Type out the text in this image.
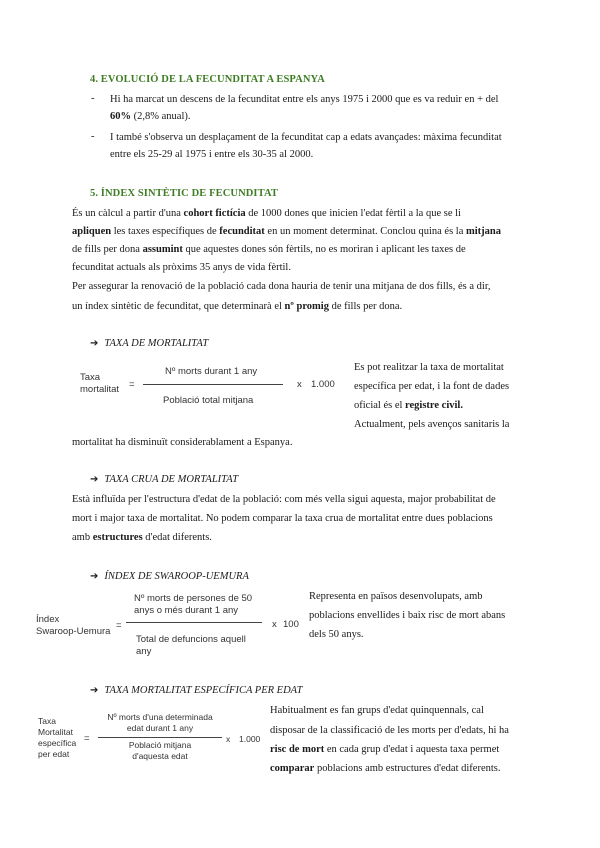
4. EVOLUCIÓ DE LA FECUNDITAT A ESPANYA
- Hi ha marcat un descens de la fecunditat entre els anys 1975 i 2000 que es va reduir en + del
60% (2,8% anual).
- I també s'observa un desplaçament de la fecunditat cap a edats avançades: màxima fecunditat
entre els 25-29 al 1975 i entre els 30-35 al 2000.
5. ÍNDEX SINTÈTIC DE FECUNDITAT
És un càlcul a partir d'una cohort fictícia de 1000 dones que inicien l'edat fèrtil a la que se li
apliquen les taxes específiques de fecunditat en un moment determinat. Conclou quina és la mitjana
de fills per dona assumint que aquestes dones són fèrtils, no es moriran i aplicant les taxes de
fecunditat actuals als pròxims 35 anys de vida fèrtil.
Per assegurar la renovació de la població cada dona hauria de tenir una mitjana de dos fills, és a dir,
un índex sintètic de fecunditat, que determinarà el nº promig de fills per dona.
➔ TAXA DE MORTALITAT
Taxa
mortalitat =
Nº morts durant 1 any
Població total mitjana
x 1.000
Es pot realitzar la taxa de mortalitat
específica per edat, i la font de dades
oficial és el registre civil.
Actualment, pels avenços sanitaris la
mortalitat ha disminuït considerablament a Espanya.
➔ TAXA CRUA DE MORTALITAT
Està influïda per l'estructura d'edat de la població: com més vella sigui aquesta, major probabilitat de
mort i major taxa de mortalitat. No podem comparar la taxa crua de mortalitat entre dues poblacions
amb estructures d'edat diferents.
➔ ÍNDEX DE SWAROOP-UEMURA
Índex
Swaroop-Uemura
=
Nº morts de persones de 50
anys o més durant 1 any
Total de defuncions aquell
any
x 100
Representa en països desenvolupats, amb
poblacions envellides i baix risc de mort abans
dels 50 anys.
➔ TAXA MORTALITAT ESPECÍFICA PER EDAT
Taxa
Mortalitat
específica
per edat
=
Nº morts d'una determinada
edat durant 1 any
Població mitjana
d'aquesta edat
x 1.000
Habitualment es fan grups d'edat quinquennals, cal
disposar de la classificació de les morts per d'edats, hi ha
risc de mort en cada grup d'edat i aquesta taxa permet
comparar poblacions amb estructures d'edat diferents.
